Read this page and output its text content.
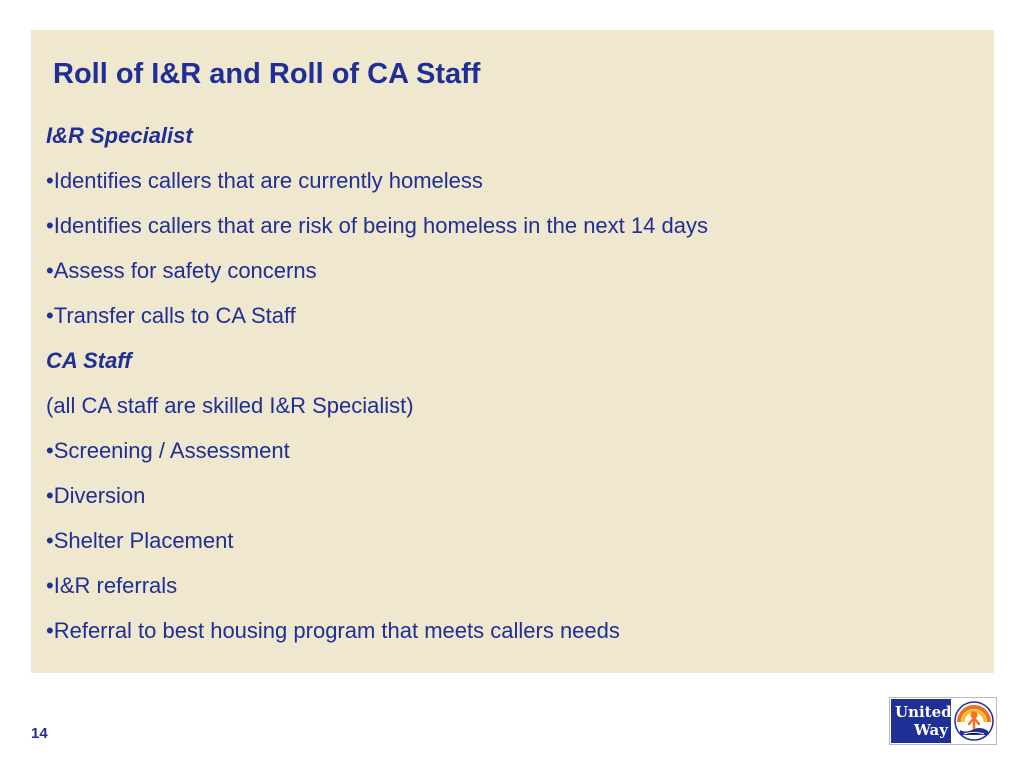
Roll of I&R and Roll of CA Staff
I&R Specialist
•Identifies callers that are currently homeless
•Identifies callers that are risk of being homeless in the next 14 days
•Assess for safety concerns
•Transfer calls to CA Staff
CA Staff
(all CA staff are skilled I&R Specialist)
•Screening / Assessment
•Diversion
•Shelter Placement
•I&R referrals
•Referral to best housing program that meets callers needs
14
United
Way
